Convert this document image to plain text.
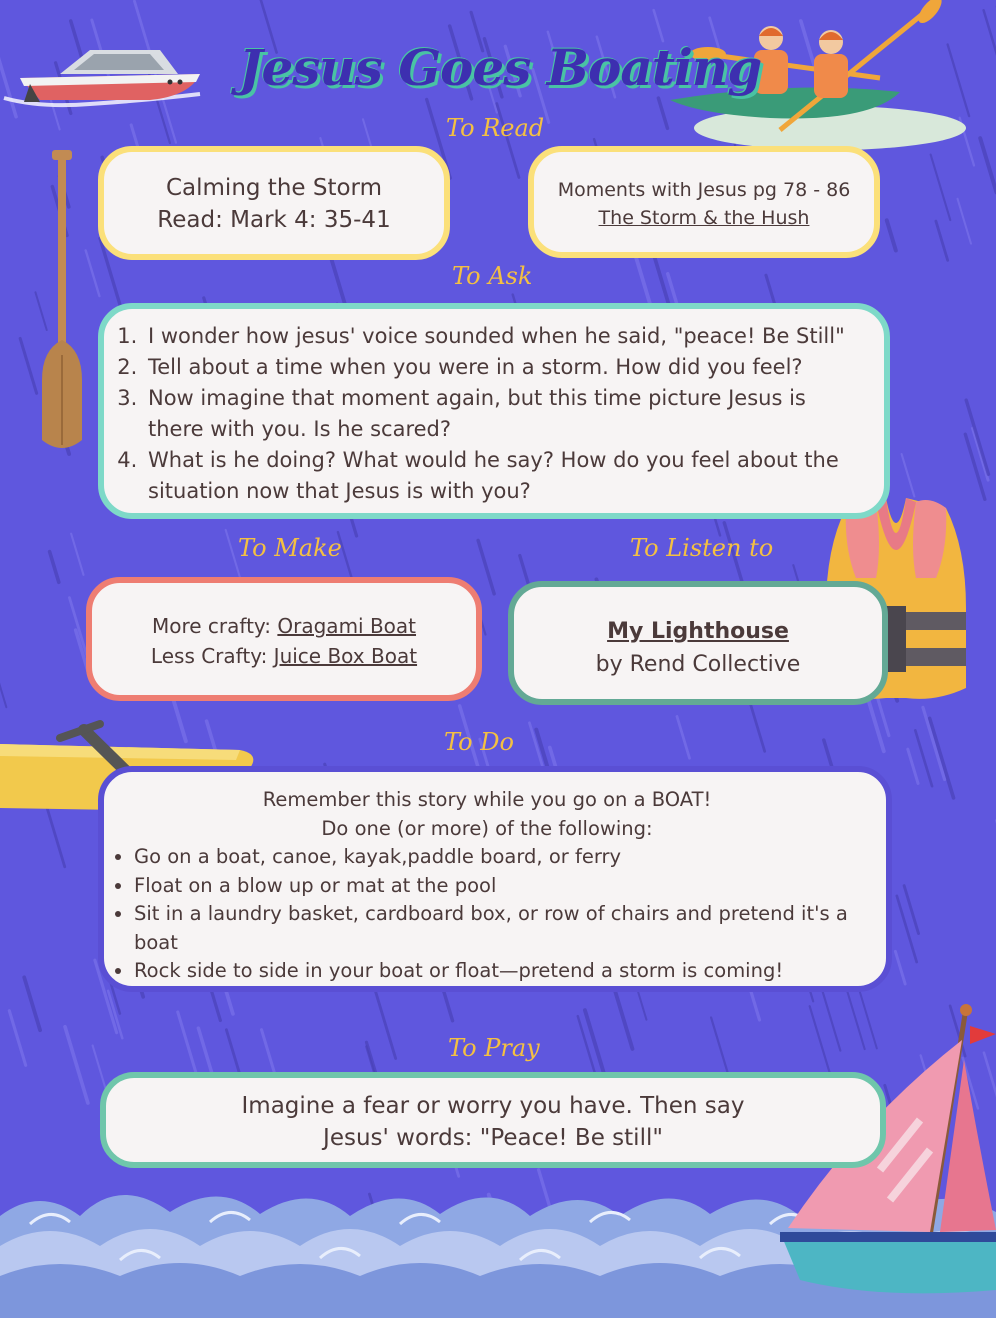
Jesus Goes Boating
To Read
Calming the Storm
Read: Mark 4: 35-41
Moments with Jesus pg 78 - 86
The Storm & the Hush
To Ask
1. I wonder how jesus' voice sounded when he said, "peace! Be Still"
2. Tell about a time when you were in a storm. How did you feel?
3. Now imagine that moment again, but this time picture Jesus is there with you. Is he scared?
4. What is he doing? What would he say? How do you feel about the situation now that Jesus is with you?
To Make	To Listen to
More crafty: Oragami Boat
Less Crafty: Juice Box Boat
My Lighthouse
by Rend Collective
To Do
Remember this story while you go on a BOAT!
Do one (or more) of the following:
• Go on a boat, canoe, kayak,paddle board, or ferry
• Float on a blow up or mat at the pool
• Sit in a laundry basket, cardboard box, or row of chairs and pretend it's a boat
• Rock side to side in your boat or float—pretend a storm is coming!
To Pray
Imagine a fear or worry you have. Then say
Jesus' words: "Peace! Be still"
